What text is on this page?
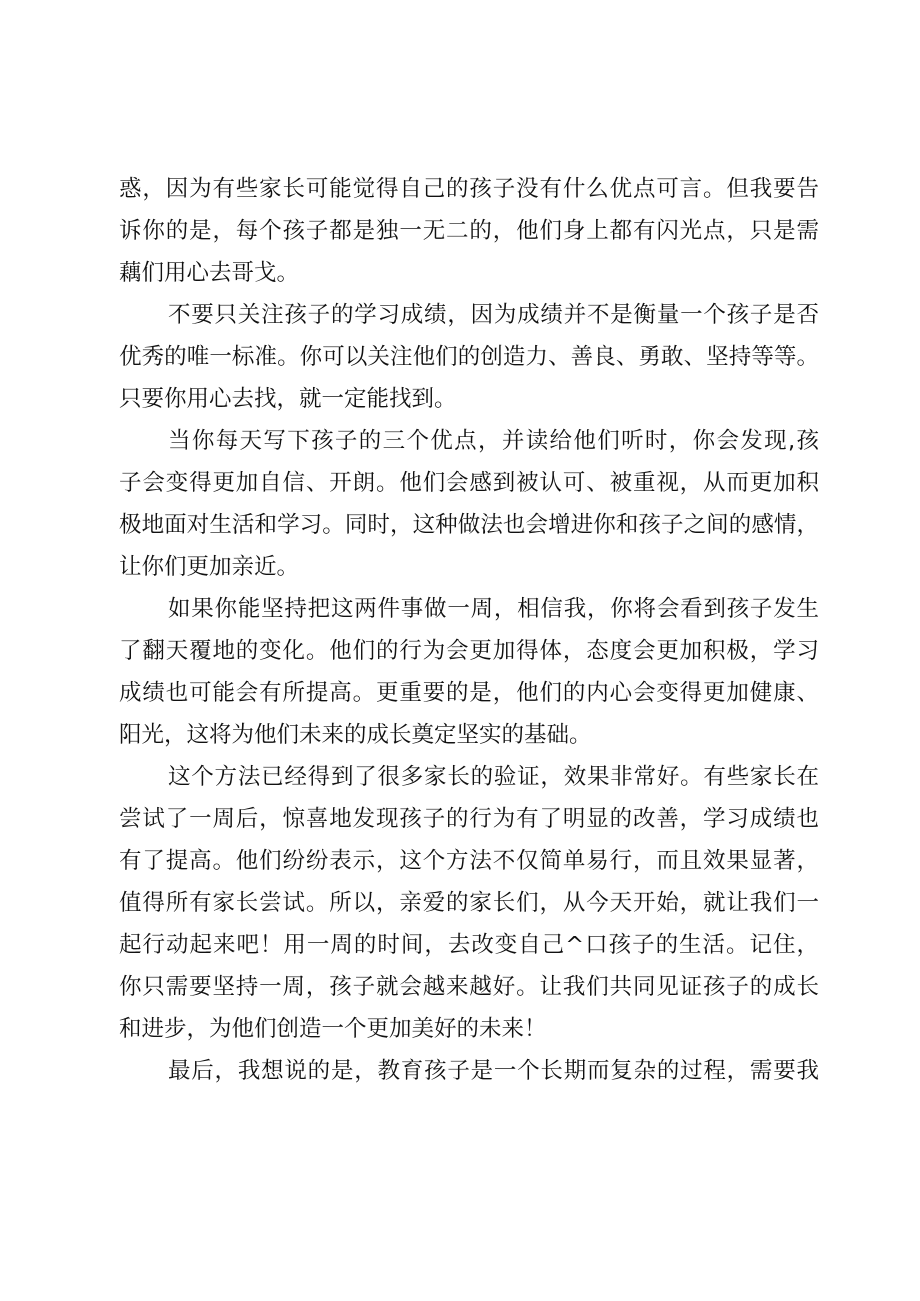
惑，因为有些家长可能觉得自己的孩子没有什么优点可言。但我要告
诉你的是，每个孩子都是独一无二的，他们身上都有闪光点，只是需
藕们用心去哥戈。
不要只关注孩子的学习成绩，因为成绩并不是衡量一个孩子是否
优秀的唯一标准。你可以关注他们的创造力、善良、勇敢、坚持等等。
只要你用心去找，就一定能找到。
当你每天写下孩子的三个优点，并读给他们听时，你会发现,孩
子会变得更加自信、开朗。他们会感到被认可、被重视，从而更加积
极地面对生活和学习。同时，这种做法也会增进你和孩子之间的感情，
让你们更加亲近。
如果你能坚持把这两件事做一周，相信我，你将会看到孩子发生
了翻天覆地的变化。他们的行为会更加得体，态度会更加积极，学习
成绩也可能会有所提高。更重要的是，他们的内心会变得更加健康、
阳光，这将为他们未来的成长奠定坚实的基础。
这个方法已经得到了很多家长的验证，效果非常好。有些家长在
尝试了一周后，惊喜地发现孩子的行为有了明显的改善，学习成绩也
有了提高。他们纷纷表示，这个方法不仅简单易行，而且效果显著，
值得所有家长尝试。所以，亲爱的家长们，从今天开始，就让我们一
起行动起来吧！用一周的时间，去改变自己^口孩子的生活。记住，
你只需要坚持一周，孩子就会越来越好。让我们共同见证孩子的成长
和进步，为他们创造一个更加美好的未来！
最后，我想说的是，教育孩子是一个长期而复杂的过程，需要我
